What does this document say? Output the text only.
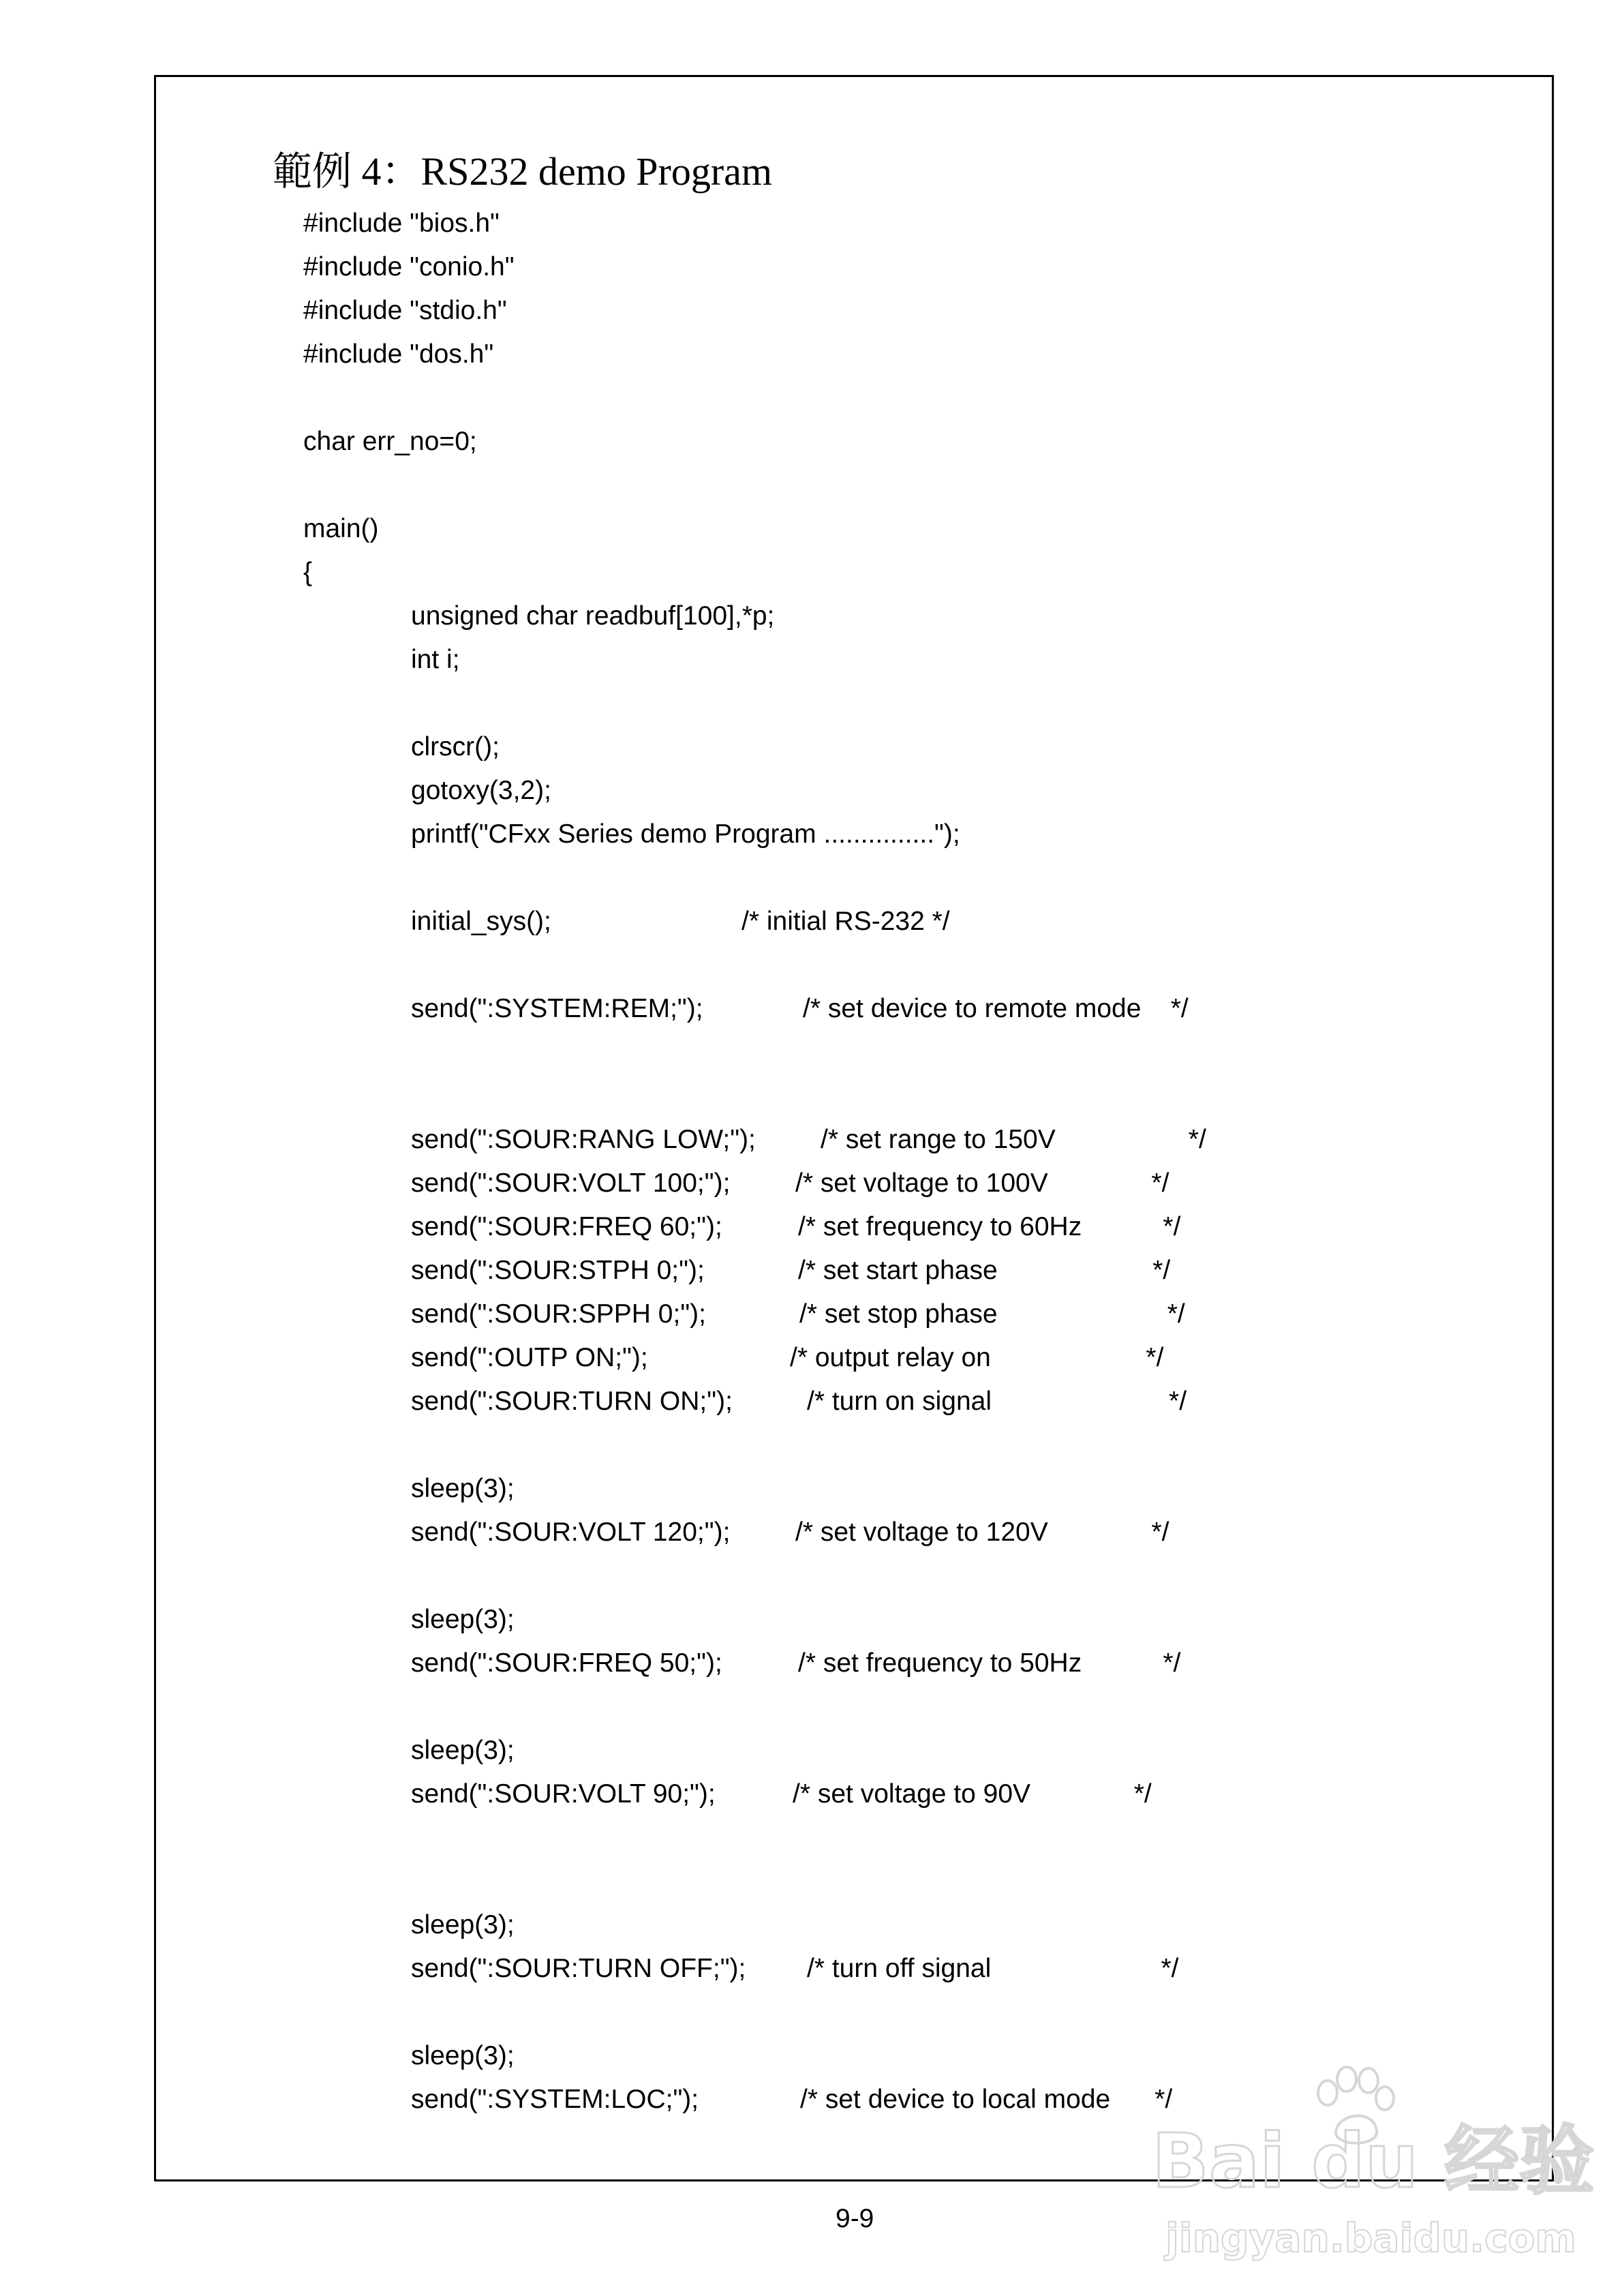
範例 4：RS232 demo Program
#include "bios.h"
#include "conio.h"
#include "stdio.h"
#include "dos.h"
char err_no=0;
main()
{
unsigned char readbuf[100],*p;
int i;
clrscr();
gotoxy(3,2);
printf("CFxx Series demo Program ...............");
initial_sys();	/* initial RS-232 */
send(":SYSTEM:REM;");	/* set device to remote mode    */
send(":SOUR:RANG LOW;"); /* set range to 150V                  */
send(":SOUR:VOLT 100;"); /* set voltage to 100V              */
send(":SOUR:FREQ 60;");	/* set frequency to 60Hz           */
send(":SOUR:STPH 0;");	/* set start phase                     */
send(":SOUR:SPPH 0;");	/* set stop phase                       */
send(":OUTP ON;");	/* output relay on                     */
send(":SOUR:TURN ON;");	/* turn on signal                        */
sleep(3);
send(":SOUR:VOLT 120;"); /* set voltage to 120V              */
sleep(3);
send(":SOUR:FREQ 50;");	/* set frequency to 50Hz           */
sleep(3);
send(":SOUR:VOLT 90;");	/* set voltage to 90V              */
sleep(3);
send(":SOUR:TURN OFF;"); /* turn off signal                       */
sleep(3);
send(":SYSTEM:LOC;");	/* set device to local mode      */
9-9
Bai du 经验
jingyan.baidu.com
